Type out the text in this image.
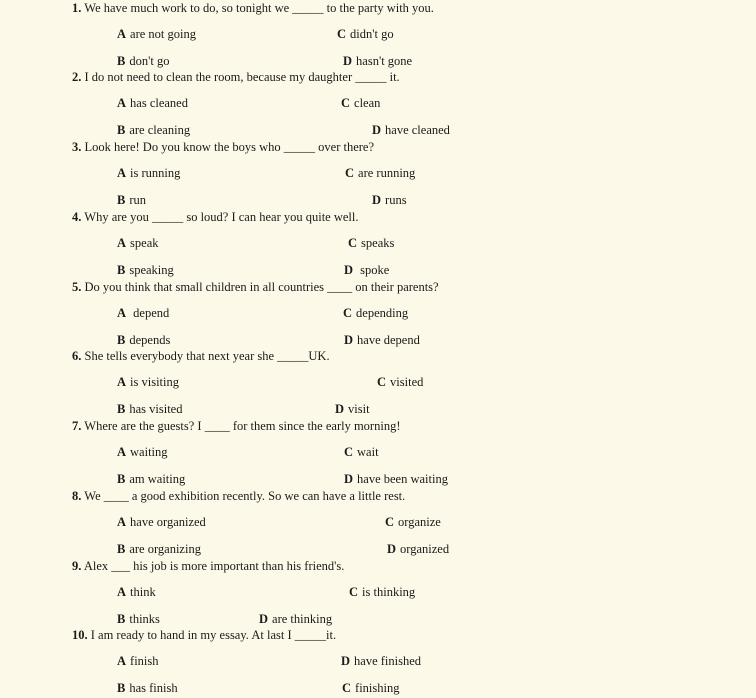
1. We have much work to do, so tonight we _____ to the party with you.
A are not going	C didn't go
B don't go	D hasn't gone
2. I do not need to clean the room, because my daughter _____ it.
A has cleaned	C clean
B are cleaning	D have cleaned
3. Look here! Do you know the boys who _____ over there?
A is running	C are running
B run	D runs
4. Why are you _____ so loud? I can hear you quite well.
A speak	C speaks
B speaking	D spoke
5. Do you think that small children in all countries ____ on their parents?
A depend	C depending
B depends	D have depend
6. She tells everybody that next year she _____UK.
A is visiting	C visited
B has visited	D visit
7. Where are the guests? I ____ for them since the early morning!
A waiting	C wait
B am waiting	D have been waiting
8. We ____ a good exhibition recently. So we can have a little rest.
A have organized	C organize
B are organizing	D organized
9. Alex ___ his job is more important than his friend's.
A think	C is thinking
B thinks	D are thinking
10. I am ready to hand in my essay. At last I _____it.
A finish	D have finished
B has finish	C finishing
